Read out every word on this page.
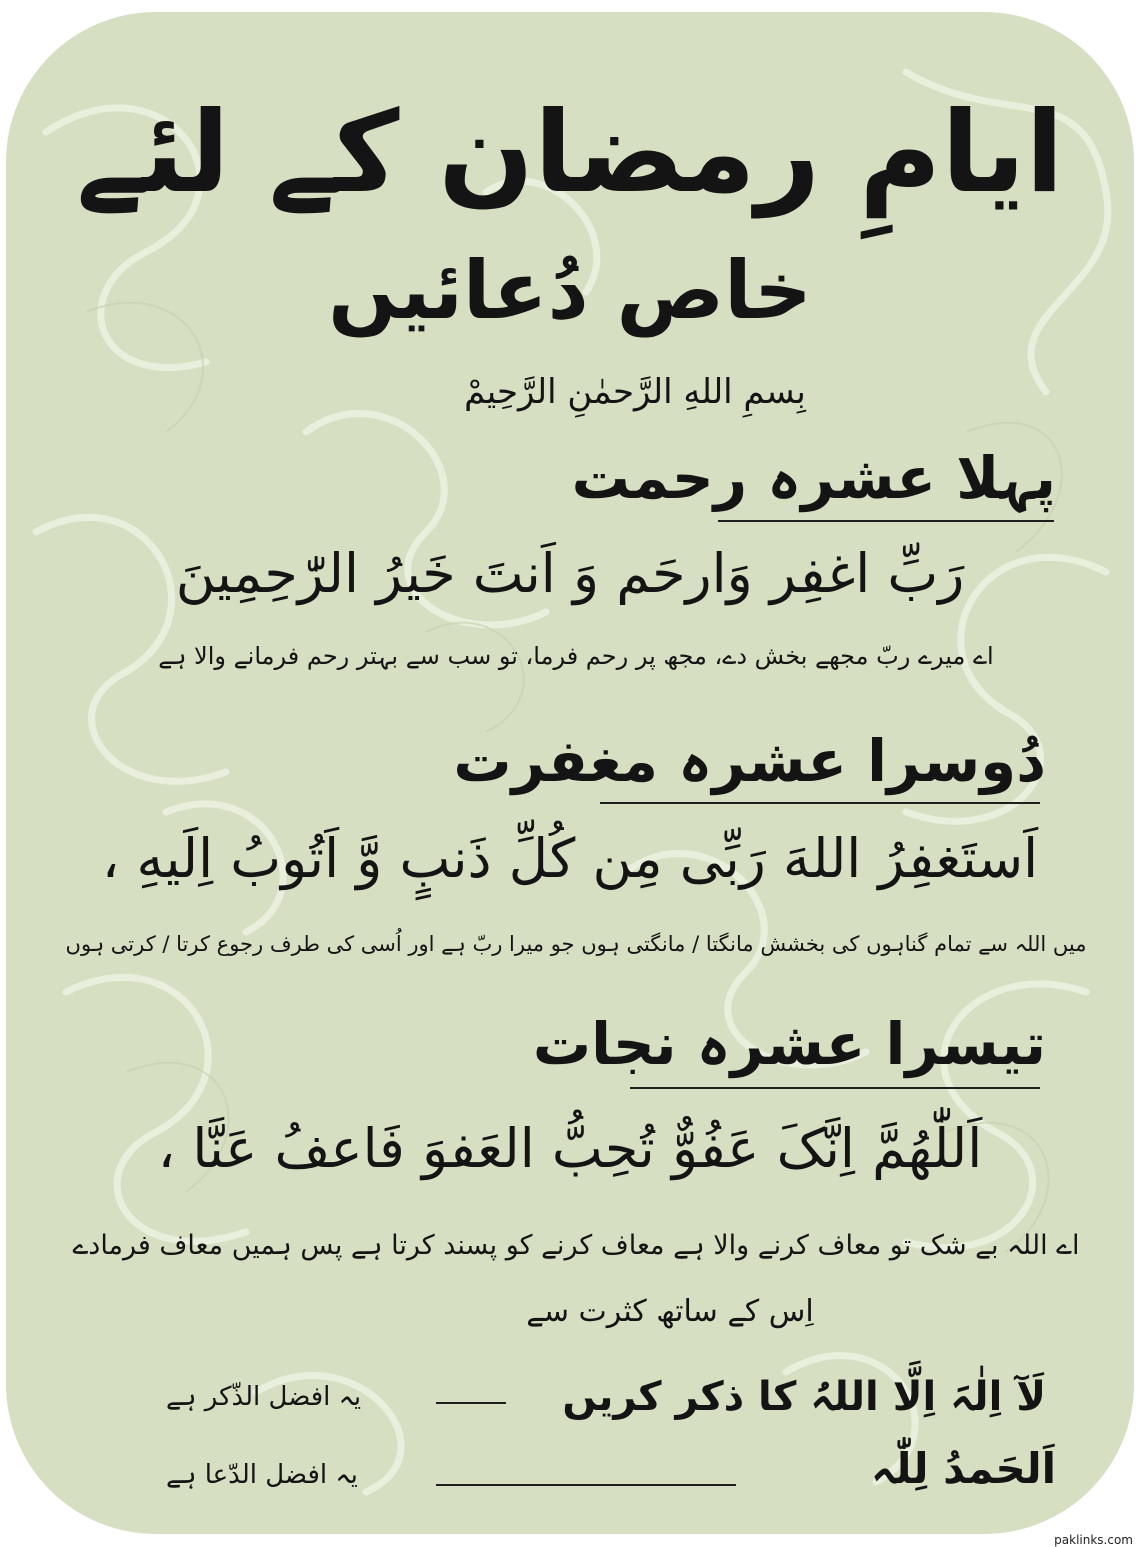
ایامِ رمضان کے لئے
خاص دُعائیں
بِسمِ اللهِ الرَّحمٰنِ الرَّحِیمْ
پہلا عشرہ رحمت
رَبِّ اغفِر وَارحَم وَ اَنتَ خَیرُ الرّٰحِمِینَ
اے میرے ربّ مجھے بخش دے، مجھ پر رحم فرما، تو سب سے بہتر رحم فرمانے والا ہے
دُوسرا عشرہ مغفرت
اَستَغفِرُ اللهَ رَبِّی مِن کُلِّ ذَنبٍ وَّ اَتُوبُ اِلَیهِ ،
میں اللہ سے تمام گناہوں کی بخشش مانگتا / مانگتی ہوں جو میرا ربّ ہے اور اُسی کی طرف رجوع کرتا / کرتی ہوں
تیسرا عشرہ نجات
اَللّٰھُمَّ اِنَّکَ عَفُوٌّ تُحِبُّ العَفوَ فَاعفُ عَنَّا ،
اے اللہ بے شک تو معاف کرنے والا ہے معاف کرنے کو پسند کرتا ہے پس ہمیں معاف فرمادے
اِس کے ساتھ کثرت سے
لَآ اِلٰہَ اِلَّا اللہُ کا ذکر کریں
یہ افضل الذّکر ہے
اَلحَمدُ لِلّٰہ
یہ افضل الدّعا ہے
paklinks.com
